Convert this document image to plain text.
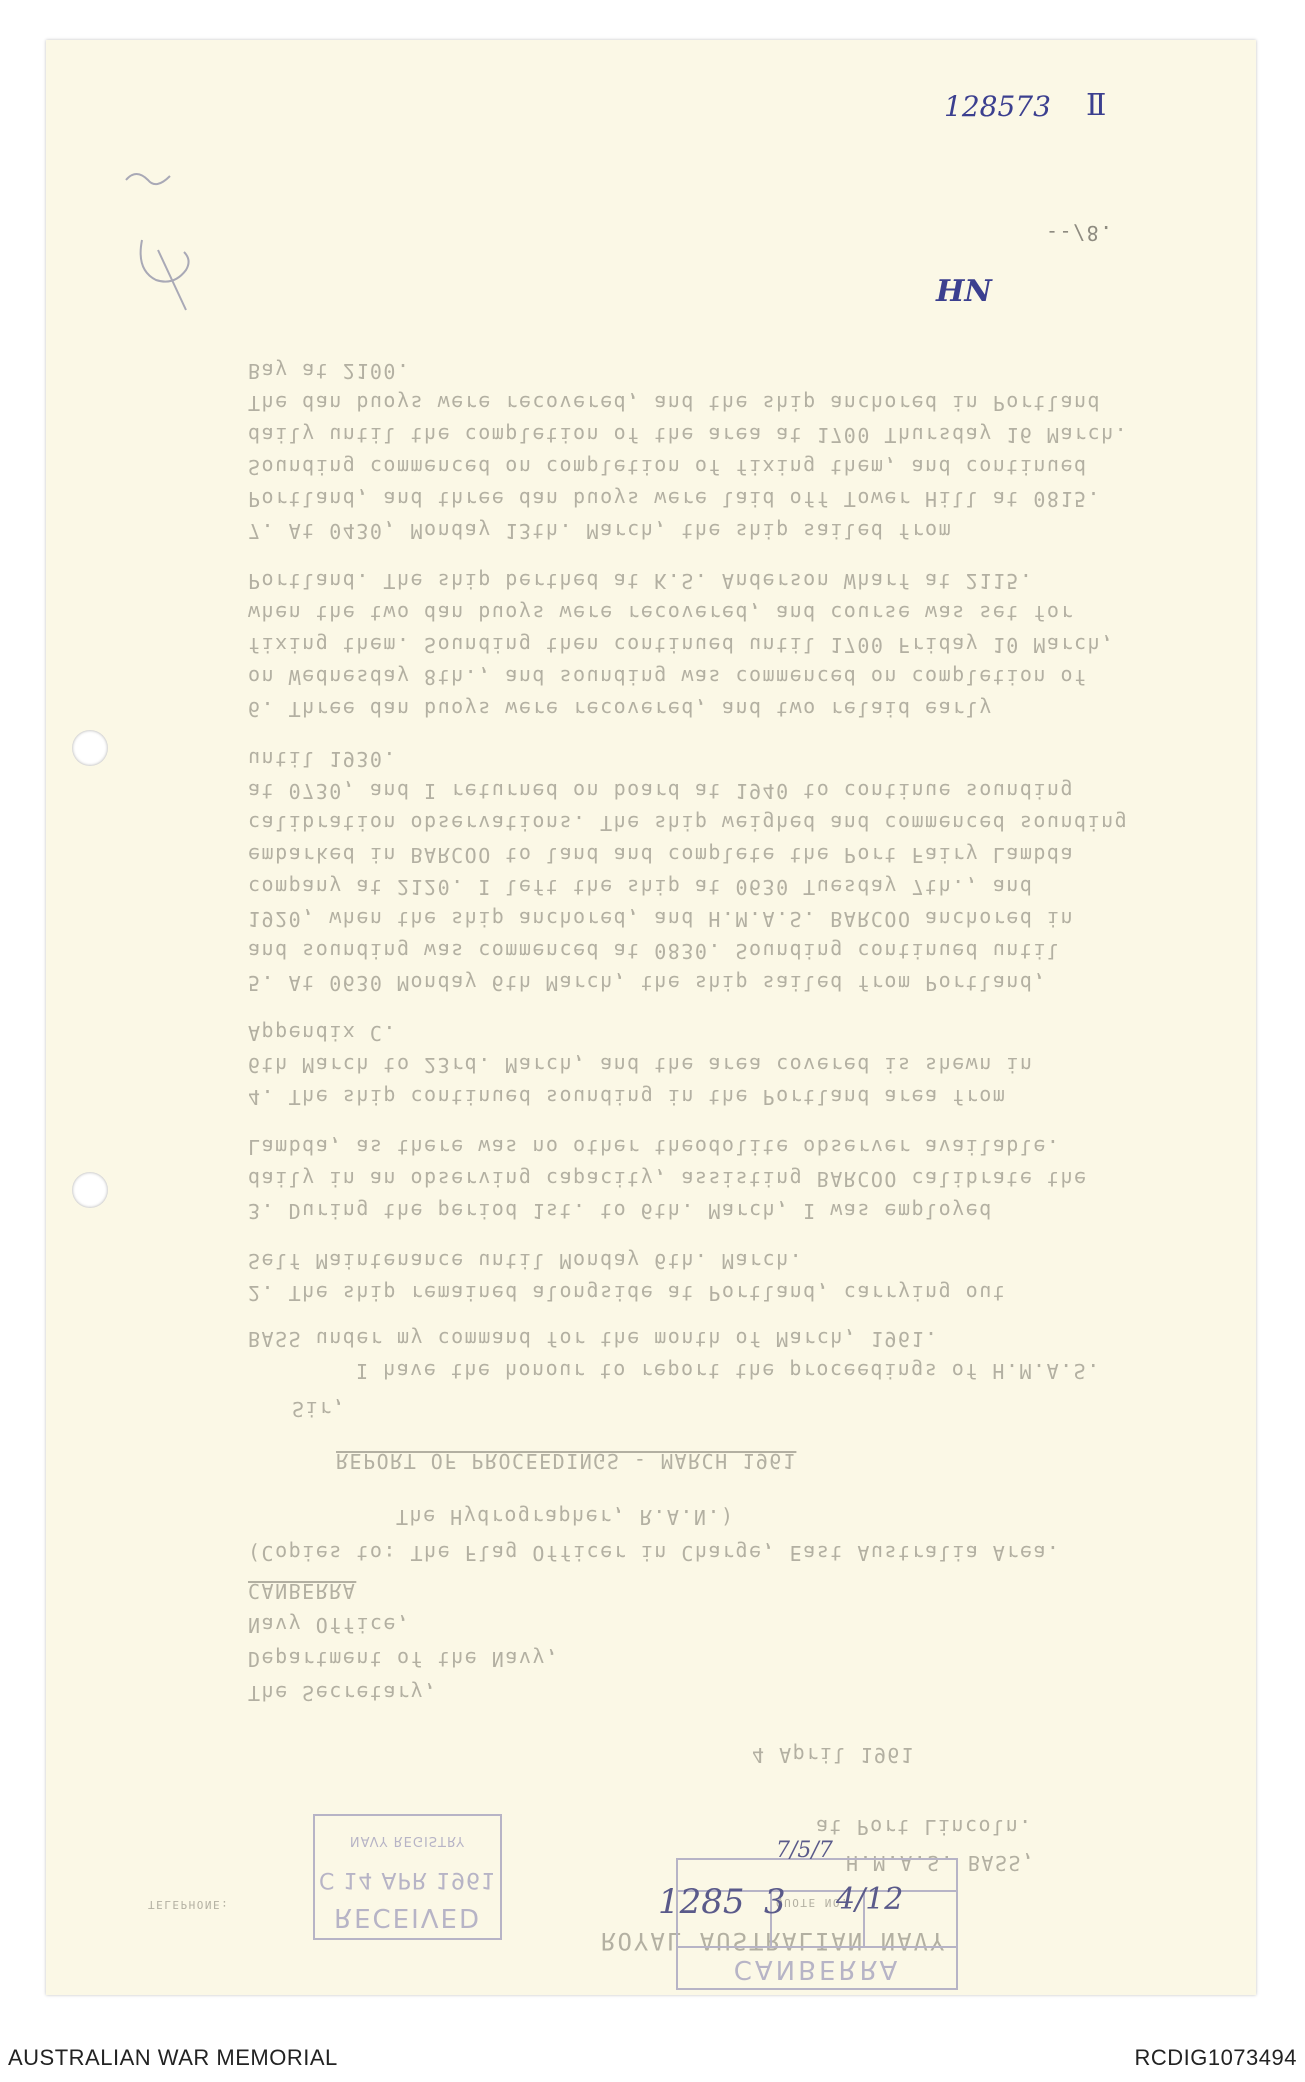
ROYAL AUSTRALIAN NAVY
TELEPHONE:	QUOTE NO.
H.M.A.S. BASS,
at Port Lincoln.
4 April 1961
The Secretary,
Department of the Navy,
Navy Office,
CANBERRA
(Copies to: The Flag Officer in Charge, East Australia Area.
The Hydrographer, R.A.N.)
REPORT OF PROCEEDINGS - MARCH 1961
Sir,
I have the honour to report the proceedings of H.M.A.S.
BASS under my command for the month of March, 1961.
2. The ship remained alongside at Portland, carrying out
Self Maintenance until Monday 6th. March.
3. During the period 1st. to 6th. March, I was employed
daily in an observing capacity, assisting BARCOO calibrate the
Lambda, as there was no other theodolite observer available.
4. The ship continued sounding in the Portland area from
6th March to 23rd. March, and the area covered is shewn in
Appendix C.
5. At 0630 Monday 6th March, the ship sailed from Portland,
and sounding was commenced at 0830. Sounding continued until
1920, when the ship anchored, and H.M.A.S. BARCOO anchored in
company at 2120. I left the ship at 0630 Tuesday 7th., and
embarked in BARCOO to land and complete the Port Fairy Lambda
calibration observations. The ship weighed and commenced sounding
at 0730, and I returned on board at 1940 to continue sounding
until 1930.
6. Three dan buoys were recovered, and two relaid early
on Wednesday 8th., and sounding was commenced on completion of
fixing them. Sounding then continued until 1700 Friday 10 March,
when the two dan buoys were recovered, and course was set for
Portland. The ship berthed at K.S. Anderson Wharf at 2115.
7. At 0430, Monday 13th. March, the ship sailed from
Portland, and three dan buoys were laid off Tower Hill at 0815.
Sounding commenced on completion of fixing them, and continued
daily until the completion of the area at 1700 Thursday 16 March.
The dan buoys were recovered, and the ship anchored in Portland
Bay at 2100.
--/8.
RECEIVED
C 14 APR 1961
NAVY REGISTRY
CANBERRA
1285 3 4/12
7/5/7
128573 Ⅱ
HN
AUSTRALIAN WAR MEMORIAL	RCDIG1073494
